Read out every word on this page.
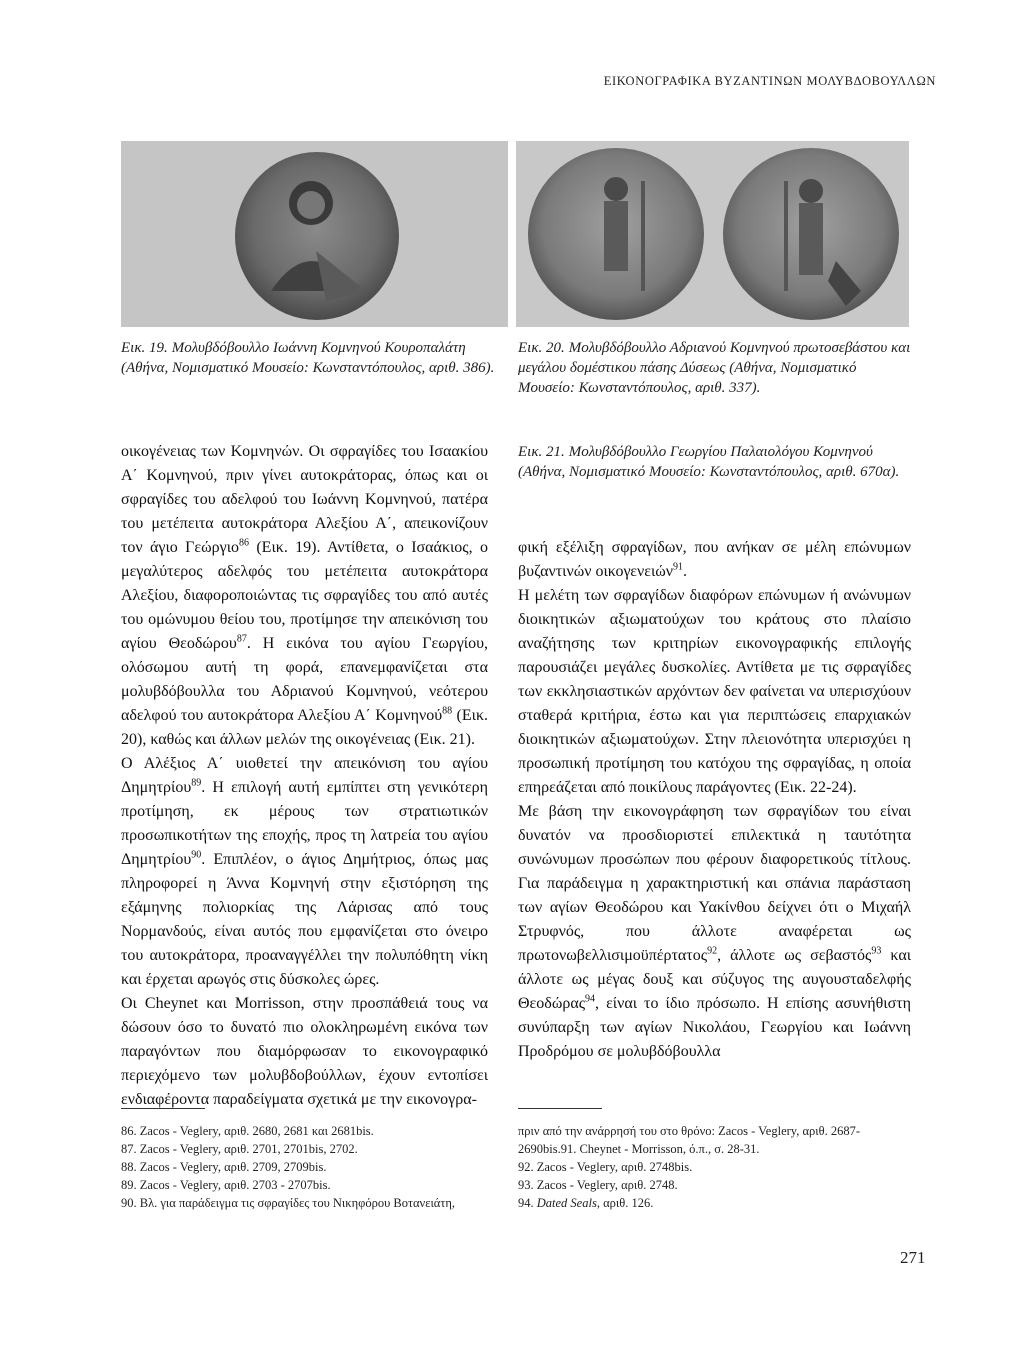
ΕΙΚΟΝΟΓΡΑΦΙΚΑ ΒΥΖΑΝΤΙΝΩΝ ΜΟΛΥΒΔΟΒΟΥΛΛΩΝ
Εικ. 19. Μολυβδόβουλλο Ιωάννη Κομνηνού Κουροπαλάτη (Αθήνα, Νομισματικό Μουσείο: Κωνσταντόπουλος, αριθ. 386).
Εικ. 20. Μολυβδόβουλλο Αδριανού Κομνηνού πρωτοσεβάστου και μεγάλου δομέστικου πάσης Δύσεως (Αθήνα, Νομισματικό Μουσείο: Κωνσταντόπουλος, αριθ. 337).
Εικ. 21. Μολυβδόβουλλο Γεωργίου Παλαιολόγου Κομνηνού (Αθήνα, Νομισματικό Μουσείο: Κωνσταντόπουλος, αριθ. 670α).

οικογένειας των Κομνηνών. Οι σφραγίδες του Ισαακίου Α΄ Κομνηνού, πριν γίνει αυτοκράτορας, όπως και οι σφραγίδες του αδελφού του Ιωάννη Κομνηνού, πατέρα του μετέπειτα αυτοκράτορα Αλεξίου Α΄, απεικονίζουν τον άγιο Γεώργιο$^{86}$ (Εικ. 19). Αντίθετα, ο Ισαάκιος, ο μεγαλύτερος αδελφός του μετέπειτα αυτοκράτορα Αλεξίου, διαφοροποιώντας τις σφραγίδες του από αυτές του ομώνυμου θείου του, προτίμησε την απεικόνιση του αγίου Θεοδώρου$^{87}$. Η εικόνα του αγίου Γεωργίου, ολόσωμου αυτή τη φορά, επανεμφανίζεται στα μολυβδόβουλλα του Αδριανού Κομνηνού, νεότερου αδελφού του αυτοκράτορα Αλεξίου Α΄ Κομνηνού$^{88}$ (Εικ. 20), καθώς και άλλων μελών της οικογένειας (Εικ. 21).

Ο Αλέξιος Α΄ υιοθετεί την απεικόνιση του αγίου Δημητρίου$^{89}$. Η επιλογή αυτή εμπίπτει στη γενικότερη προτίμηση, εκ μέρους των στρατιωτικών προσωπικοτήτων της εποχής, προς τη λατρεία του αγίου Δημητρίου$^{90}$. Επιπλέον, ο άγιος Δημήτριος, όπως μας πληροφορεί η Άννα Κομνηνή στην εξιστόρηση της εξάμηνης πολιορκίας της Λάρισας από τους Νορμανδούς, είναι αυτός που εμφανίζεται στο όνειρο του αυτοκράτορα, προαναγγέλλει την πολυπόθητη νίκη και έρχεται αρωγός στις δύσκολες ώρες.

Οι Cheynet και Morrisson, στην προσπάθειά τους να δώσουν όσο το δυνατό πιο ολοκληρωμένη εικόνα των παραγόντων που διαμόρφωσαν το εικονογραφικό περιεχόμενο των μολυβδοβούλλων, έχουν εντοπίσει ενδιαφέροντα παραδείγματα σχετικά με την εικονογρα-

φική εξέλιξη σφραγίδων, που ανήκαν σε μέλη επώνυμων βυζαντινών οικογενειών$^{91}$.

Η μελέτη των σφραγίδων διαφόρων επώνυμων ή ανώνυμων διοικητικών αξιωματούχων του κράτους στο πλαίσιο αναζήτησης των κριτηρίων εικονογραφικής επιλογής παρουσιάζει μεγάλες δυσκολίες. Αντίθετα με τις σφραγίδες των εκκλησιαστικών αρχόντων δεν φαίνεται να υπερισχύουν σταθερά κριτήρια, έστω και για περιπτώσεις επαρχιακών διοικητικών αξιωματούχων. Στην πλειονότητα υπερισχύει η προσωπική προτίμηση του κατόχου της σφραγίδας, η οποία επηρεάζεται από ποικίλους παράγοντες (Εικ. 22-24).

Με βάση την εικονογράφηση των σφραγίδων του είναι δυνατόν να προσδιοριστεί επιλεκτικά η ταυτότητα συνώνυμων προσώπων που φέρουν διαφορετικούς τίτλους. Για παράδειγμα η χαρακτηριστική και σπάνια παράσταση των αγίων Θεοδώρου και Υακίνθου δείχνει ότι ο Μιχαήλ Στρυφνός, που άλλοτε αναφέρεται ως πρωτονωβελλισιμοϋπέρτατος$^{92}$, άλλοτε ως σεβαστός$^{93}$ και άλλοτε ως μέγας δουξ και σύζυγος της αυγουσταδελφής Θεοδώρας$^{94}$, είναι το ίδιο πρόσωπο. Η επίσης ασυνήθιστη συνύπαρξη των αγίων Νικολάου, Γεωργίου και Ιωάννη Προδρόμου σε μολυβδόβουλλα

86. Zacos - Veglery, αριθ. 2680, 2681 και 2681bis.
87. Zacos - Veglery, αριθ. 2701, 2701bis, 2702.
88. Zacos - Veglery, αριθ. 2709, 2709bis.
89. Zacos - Veglery, αριθ. 2703 - 2707bis.
90. Βλ. για παράδειγμα τις σφραγίδες του Νικηφόρου Βοτανειάτη,
πριν από την ανάρρησή του στο θρόνο: Zacos - Veglery, αριθ. 2687-
2690bis.91. Cheynet - Morrisson, ό.π., σ. 28-31.
92. Zacos - Veglery, αριθ. 2748bis.
93. Zacos - Veglery, αριθ. 2748.
94. Dated Seals, αριθ. 126.
271
